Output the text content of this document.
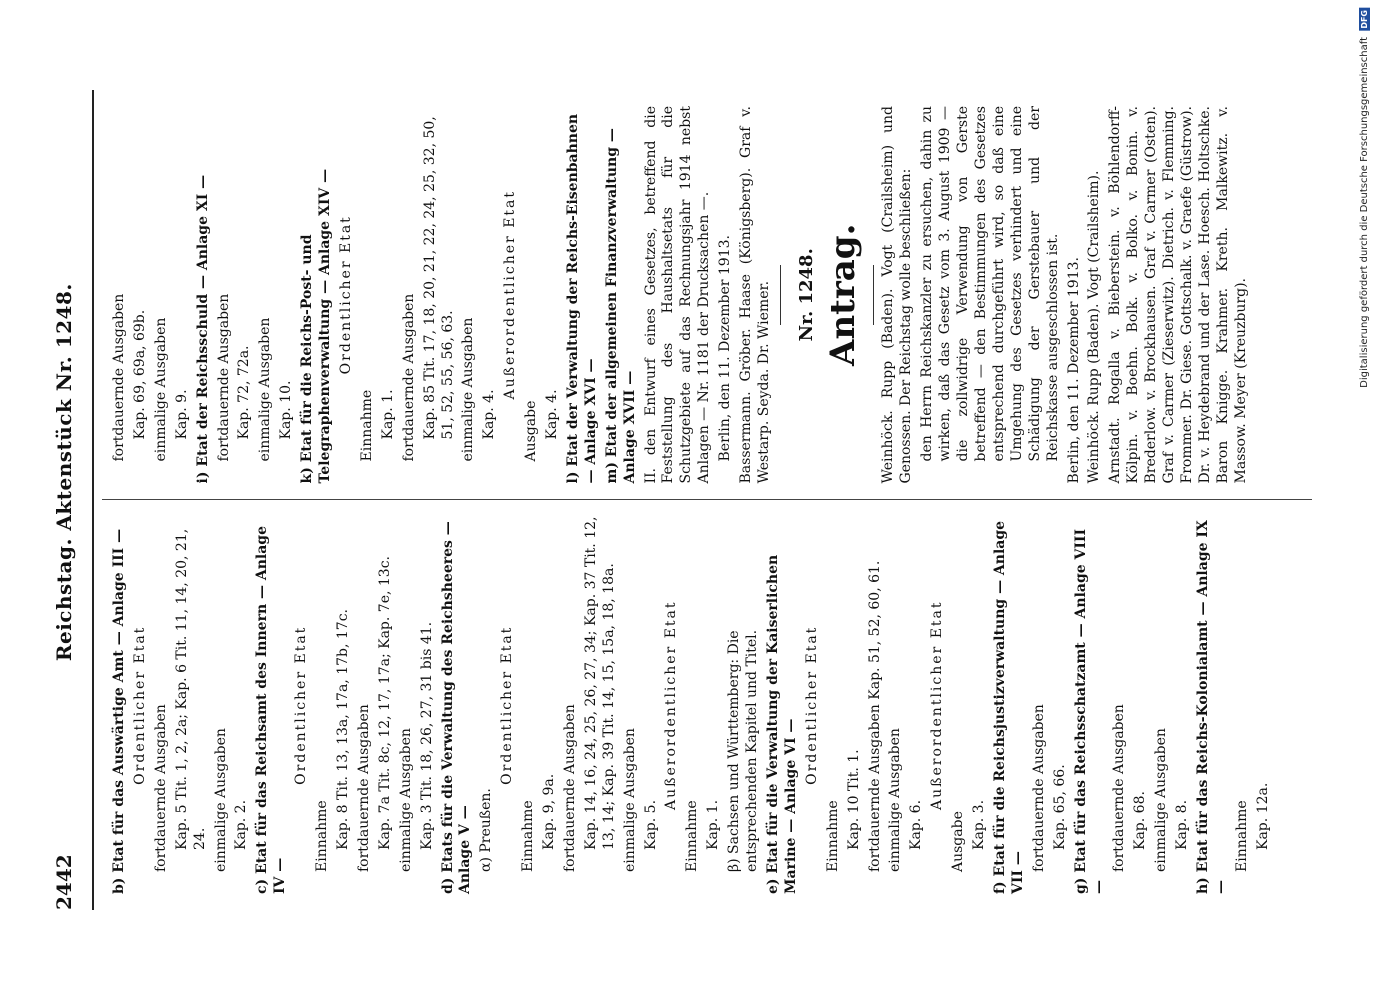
2442
Reichstag. Aktenstück Nr. 1248.
b) Etat für das Auswärtige Amt — Anlage III — Ordentlicher Etat fortdauernde Ausgaben Kap. 5 Tit. 1, 2, 2a; Kap. 6 Tit. 11, 14, 20, 21, 24. einmalige Ausgaben Kap. 2. c) Etat für das Reichsamt des Innern — Anlage IV —
Ordentlicher Etat
Einnahme Kap. 8 Tit. 13, 13a, 17a, 17b, 17c. fortdauernde Ausgaben Kap. 7a Tit. 8c, 12, 17, 17a; Kap. 7e, 13c. einmalige Ausgaben Kap. 3 Tit. 18, 26, 27, 31 bis 41. d) Etats für die Verwaltung des Reichsheeres — Anlage V — α) Preußen.
Ordentlicher Etat
Einnahme Kap. 9, 9a. fortdauernde Ausgaben Kap. 14, 16, 24, 25, 26, 27, 34; Kap. 37 Tit. 12, 13, 14; Kap. 39 Tit. 14, 15, 15a, 18, 18a. einmalige Ausgaben Kap. 5.
Außerordentlicher Etat
Einnahme Kap. 1. β) Sachsen und Württemberg: Die entsprechenden Kapitel und Titel. e) Etat für die Verwaltung der Kaiserlichen Marine — Anlage VI —
Ordentlicher Etat
Einnahme Kap. 10 Tit. 1. fortdauernde Ausgaben Kap. 51, 52, 60, 61. einmalige Ausgaben Kap. 6.
Außerordentlicher Etat
Ausgabe Kap. 3. f) Etat für die Reichsjustizverwaltung — Anlage VII —
fortdauernde Ausgaben Kap. 65, 66. g) Etat für das Reichsschatzamt — Anlage VIII —
fortdauernde Ausgaben Kap. 68. einmalige Ausgaben Kap. 8. h) Etat für das Reichs-Kolonialamt — Anlage IX —
Einnahme Kap. 12a.
fortdauernde Ausgaben Kap. 69, 69a, 69b. einmalige Ausgaben Kap. 9. i) Etat der Reichsschuld — Anlage XI — fortdauernde Ausgaben Kap. 72, 72a. einmalige Ausgaben Kap. 10. k) Etat für die Reichs-Post- und Telegraphenverwaltung — Anlage XIV — Ordentlicher Etat
Einnahme Kap. 1. fortdauernde Ausgaben Kap. 85 Tit. 17, 18, 20, 21, 22, 24, 25, 32, 50, 51, 52, 55, 56, 63. einmalige Ausgaben Kap. 4.
Außerordentlicher Etat
Ausgabe Kap. 4. l) Etat der Verwaltung der Reichs-Eisenbahnen — Anlage XVI — m) Etat der allgemeinen Finanzverwaltung — Anlage XVII — II. den Entwurf eines Gesetzes, betreffend die Feststellung des Haushaltsetats für die Schutzgebiete auf das Rechnungsjahr 1914 nebst Anlagen — Nr. 1181 der Drucksachen —. Berlin, den 11. Dezember 1913. Bassermann. Gröber. Haase (Königsberg). Graf v. Westarp. Seyda. Dr. Wiemer. Nr. 1248. Antrag. Weinhöck. Rupp (Baden). Vogt (Crailsheim) und Genossen. Der Reichstag wolle beschließen: den Herrn Reichskanzler zu ersuchen, dahin zu wirken, daß das Gesetz vom 3. August 1909 — die zollwidrige Verwendung von Gerste betreffend — den Bestimmungen des Gesetzes entsprechend durchgeführt wird, so daß eine Umgehung des Gesetzes verhindert und eine Schädigung der Gerstebauer und der Reichskasse ausgeschlossen ist. Berlin, den 11. Dezember 1913. Weinhöck. Rupp (Baden). Vogt (Crailsheim). Arnstadt. Rogalla v. Bieberstein. v. Böhlendorff-Kölpin. v. Boehn. Bolk. v. Bolko. v. Bonin. v. Brederlow. v. Brockhausen. Graf v. Carmer (Osten). Graf v. Carmer (Zieserwitz). Dietrich. v. Flemming. Frommer. Dr. Giese. Gottschalk. v. Graefe (Güstrow). Dr. v. Heydebrand und der Lase. Hoesch. Holtschke. Baron Knigge. Krahmer. Kreth. Malkewitz. v. Massow. Meyer (Kreuzburg).
DFG
Digitalisierung gefördert durch die Deutsche Forschungsgemeinschaft
